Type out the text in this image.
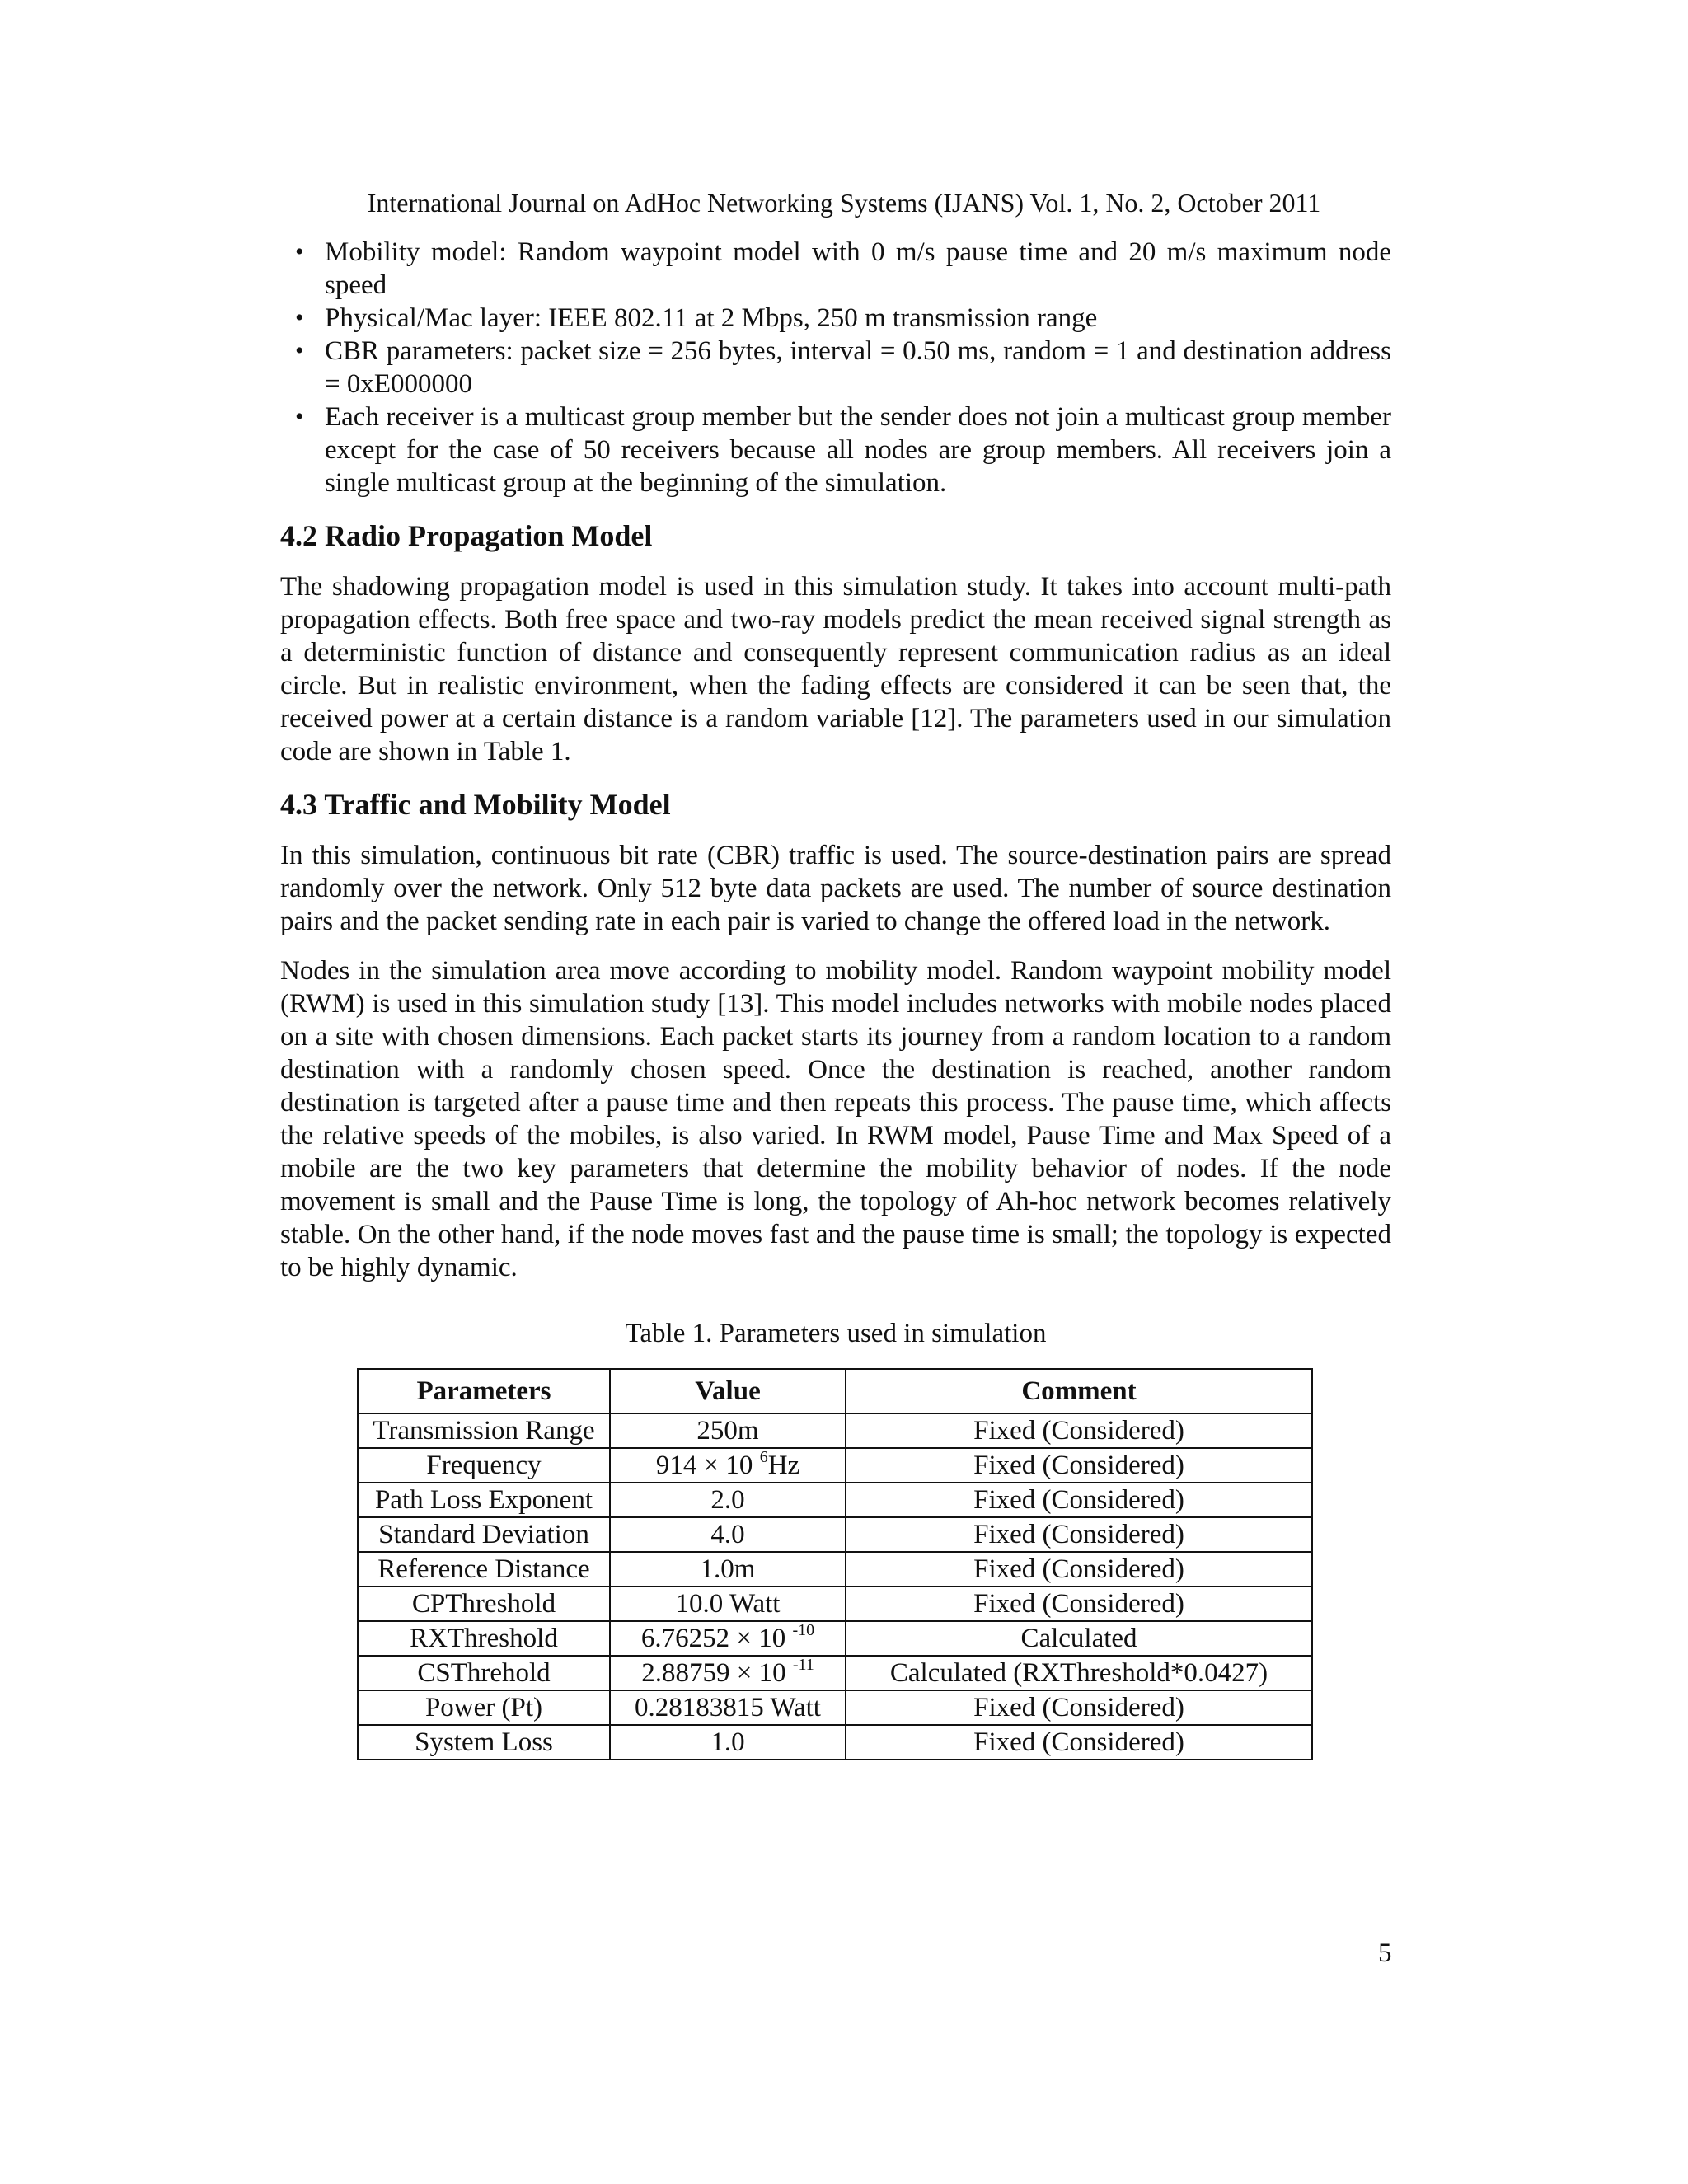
International Journal on AdHoc Networking Systems (IJANS) Vol. 1, No. 2, October 2011
• Mobility model: Random waypoint model with 0 m/s pause time and 20 m/s maximum node speed
• Physical/Mac layer: IEEE 802.11 at 2 Mbps, 250 m transmission range
• CBR parameters: packet size = 256 bytes, interval = 0.50 ms, random = 1 and destination address = 0xE000000
• Each receiver is a multicast group member but the sender does not join a multicast group member except for the case of 50 receivers because all nodes are group members. All receivers join a single multicast group at the beginning of the simulation.
4.2 Radio Propagation Model

The shadowing propagation model is used in this simulation study. It takes into account multi-path propagation effects. Both free space and two-ray models predict the mean received signal strength as a deterministic function of distance and consequently represent communication radius as an ideal circle. But in realistic environment, when the fading effects are considered it can be seen that, the received power at a certain distance is a random variable [12]. The parameters used in our simulation code are shown in Table 1.

4.3 Traffic and Mobility Model

In this simulation, continuous bit rate (CBR) traffic is used. The source-destination pairs are spread randomly over the network. Only 512 byte data packets are used. The number of source destination pairs and the packet sending rate in each pair is varied to change the offered load in the network.

Nodes in the simulation area move according to mobility model. Random waypoint mobility model (RWM) is used in this simulation study [13]. This model includes networks with mobile nodes placed on a site with chosen dimensions. Each packet starts its journey from a random location to a random destination with a randomly chosen speed. Once the destination is reached, another random destination is targeted after a pause time and then repeats this process. The pause time, which affects the relative speeds of the mobiles, is also varied. In RWM model, Pause Time and Max Speed of a mobile are the two key parameters that determine the mobility behavior of nodes. If the node movement is small and the Pause Time is long, the topology of Ah-hoc network becomes relatively stable. On the other hand, if the node moves fast and the pause time is small; the topology is expected to be highly dynamic.

Table 1. Parameters used in simulation
Parameters	Value	Comment
Transmission Range	250m	Fixed (Considered)
Frequency	914 × 10 $^6$Hz	Fixed (Considered)
Path Loss Exponent	2.0	Fixed (Considered)
Standard Deviation	4.0	Fixed (Considered)
Reference Distance	1.0m	Fixed (Considered)
CPThreshold	10.0 Watt	Fixed (Considered)
RXThreshold	6.76252 × 10 $^{-10}$	Calculated
CSThrehold	2.88759 × 10 $^{-11}$	Calculated (RXThreshold*0.0427)
Power (Pt)	0.28183815 Watt	Fixed (Considered)
System Loss	1.0	Fixed (Considered)
5
